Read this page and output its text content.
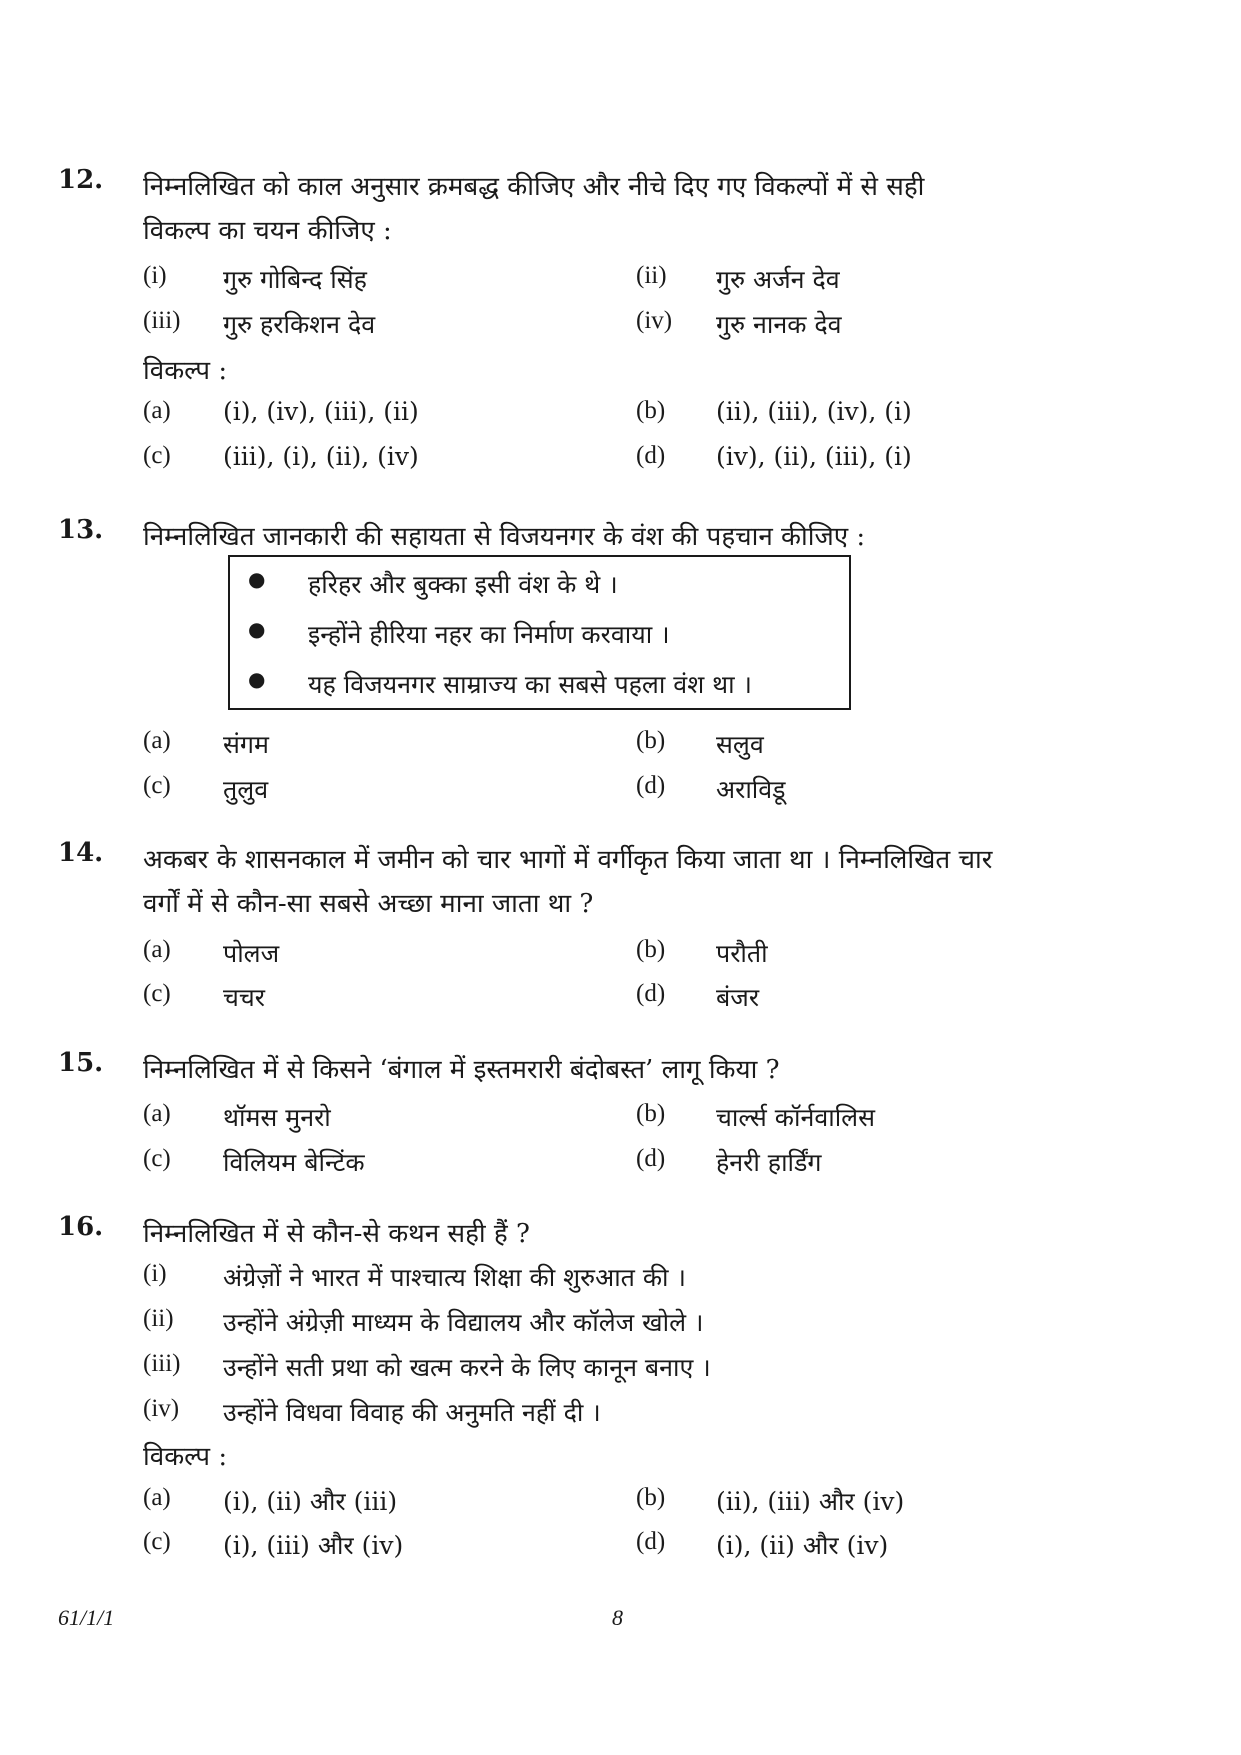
12. निम्नलिखित को काल अनुसार क्रमबद्ध कीजिए और नीचे दिए गए विकल्पों में से सही
विकल्प का चयन कीजिए :
(i)	गुरु गोबिन्द सिंह	(ii)	गुरु अर्जन देव
(iii)	गुरु हरकिशन देव	(iv)	गुरु नानक देव
विकल्प :
(a)	(i), (iv), (iii), (ii)	(b)	(ii), (iii), (iv), (i)
(c)	(iii), (i), (ii), (iv)	(d)	(iv), (ii), (iii), (i)
13. निम्नलिखित जानकारी की सहायता से विजयनगर के वंश की पहचान कीजिए :
(a)	संगम	(b)	सलुव
(c)	तुलुव	(d)	अराविडू
● हरिहर और बुक्का इसी वंश के थे ।
● इन्होंने हीरिया नहर का निर्माण करवाया ।
● यह विजयनगर साम्राज्य का सबसे पहला वंश था ।
14. अकबर के शासनकाल में जमीन को चार भागों में वर्गीकृत किया जाता था । निम्नलिखित चार
वर्गों में से कौन-सा सबसे अच्छा माना जाता था ?
(a)	पोलज	(b)	परौती
(c)	चचर	(d)	बंजर
15. निम्नलिखित में से किसने ‘बंगाल में इस्तमरारी बंदोबस्त’ लागू किया ?
(a)	थॉमस मुनरो	(b)	चार्ल्स कॉर्नवालिस
(c)	विलियम बेन्टिंक	(d)	हेनरी हार्डिंग
16. निम्नलिखित में से कौन-से कथन सही हैं ?
(i)	अंग्रेज़ों ने भारत में पाश्चात्य शिक्षा की शुरुआत की ।
(ii)	उन्होंने अंग्रेज़ी माध्यम के विद्यालय और कॉलेज खोले ।
(iii)	उन्होंने सती प्रथा को खत्म करने के लिए कानून बनाए ।
(iv)	उन्होंने विधवा विवाह की अनुमति नहीं दी ।
विकल्प :
(a)	(i), (ii) और (iii)	(b)	(ii), (iii) और (iv)
(c)	(i), (iii) और (iv)	(d)	(i), (ii) और (iv)
61/1/1	8
